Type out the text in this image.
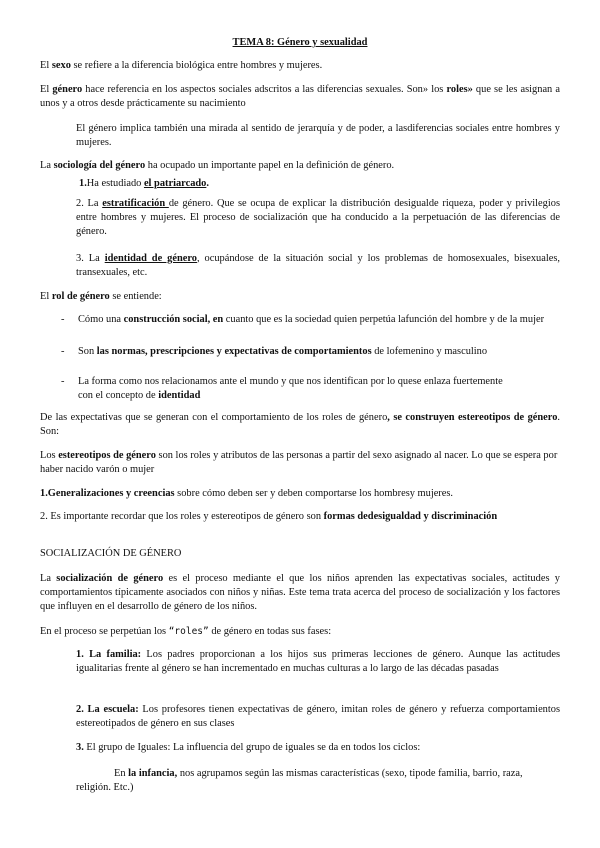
TEMA 8: Género y sexualidad

El sexo se refiere a la diferencia biológica entre hombres y mujeres.

El género hace referencia en los aspectos sociales adscritos a las diferencias sexuales. Son» los roles» que se les asignan a unos y a otros desde prácticamente su nacimiento

El género implica también una mirada al sentido de jerarquía y de poder, a lasdiferencias sociales entre hombres y mujeres.

La sociología del género ha ocupado un importante papel en la definición de género.

1.Ha estudiado el patriarcado.

2. La estratificación de género. Que se ocupa de explicar la distribución desigualde riqueza, poder y privilegios entre hombres y mujeres. El proceso de socialización que ha conducido a la perpetuación de las diferencias de género.

3. La identidad de género, ocupándose de la situación social y los problemas de homosexuales, bisexuales, transexuales, etc.

El rol de género se entiende:

-	Cómo una construcción social, en cuanto que es la sociedad quien perpetúa lafunción del hombre y de la mujer

-	Son las normas, prescripciones y expectativas de comportamientos de lofemenino y masculino

-	La forma como nos relacionamos ante el mundo y que nos identifican por lo quese enlaza fuertemente con el concepto de identidad

De las expectativas que se generan con el comportamiento de los roles de género, se construyen estereotipos de género. Son:

Los estereotipos de género son los roles y atributos de las personas a partir del sexo asignado al nacer. Lo que se espera por haber nacido varón o mujer

1.Generalizaciones y creencias sobre cómo deben ser y deben comportarse los hombresy mujeres.

2. Es importante recordar que los roles y estereotipos de género son formas dedesigualdad y discriminación

SOCIALIZACIÓN DE GÉNERO

La socialización de género es el proceso mediante el que los niños aprenden las expectativas sociales, actitudes y comportamientos típicamente asociados con niños y niñas. Este tema trata acerca del proceso de socialización y los factores que influyen en el desarrollo de género de los niños.

En el proceso se perpetúan los “roles” de género en todas sus fases:

1. La familia: Los padres proporcionan a los hijos sus primeras lecciones de género. Aunque las actitudes igualitarias frente al género se han incrementado en muchas culturas a lo largo de las décadas pasadas

2. La escuela: Los profesores tienen expectativas de género, imitan roles de género y refuerza comportamientos estereotipados de género en sus clases

3. El grupo de Iguales: La influencia del grupo de iguales se da en todos los ciclos:

En la infancia, nos agrupamos según las mismas características (sexo, tipode familia, barrio, raza, religión. Etc.)
